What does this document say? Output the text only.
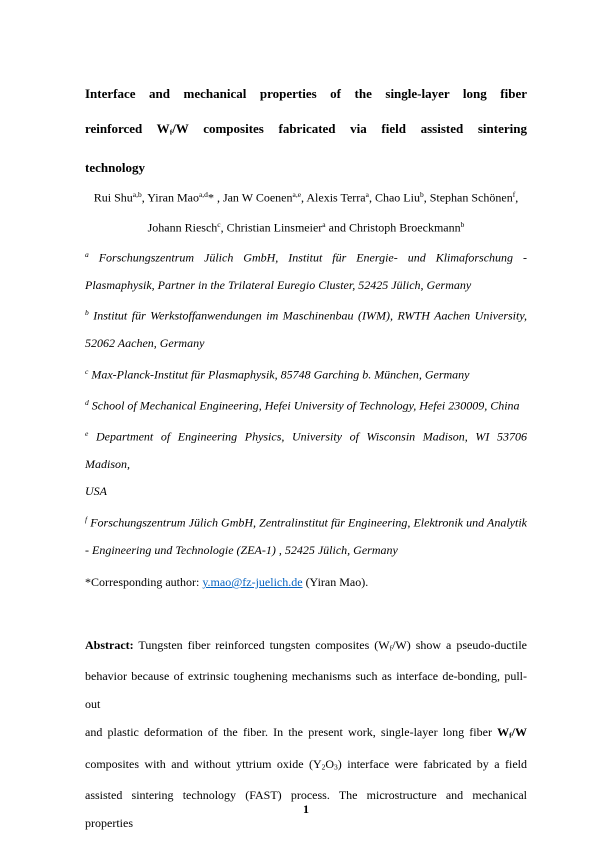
Interface and mechanical properties of the single-layer long fiber
reinforced Wf/W composites fabricated via field assisted sintering
technology
Rui Shu$^{a,b}$, Yiran Mao$^{a,d}$* , Jan W Coenen$^{a,e}$, Alexis Terra$^a$, Chao Liu$^b$, Stephan Schönen$^f$,
Johann Riesch$^c$, Christian Linsmeier$^a$ and Christoph Broeckmann$^b$
$^a$ Forschungszentrum Jülich GmbH, Institut für Energie- und Klimaforschung -
Plasmaphysik, Partner in the Trilateral Euregio Cluster, 52425 Jülich, Germany
$^b$ Institut für Werkstoffanwendungen im Maschinenbau (IWM), RWTH Aachen University,
52062 Aachen, Germany
$^c$ Max-Planck-Institut für Plasmaphysik, 85748 Garching b. München, Germany
$^d$ School of Mechanical Engineering, Hefei University of Technology, Hefei 230009, China
$^e$ Department of Engineering Physics, University of Wisconsin Madison, WI 53706 Madison,
USA
$^f$ Forschungszentrum Jülich GmbH, Zentralinstitut für Engineering, Elektronik und Analytik
- Engineering und Technologie (ZEA-1) , 52425 Jülich, Germany
*Corresponding author: y.mao@fz-juelich.de (Yiran Mao).
Abstract: Tungsten fiber reinforced tungsten composites (Wf/W) show a pseudo-ductile
behavior because of extrinsic toughening mechanisms such as interface de-bonding, pull-out
and plastic deformation of the fiber. In the present work, single-layer long fiber Wf/W
composites with and without yttrium oxide (Y2O3) interface were fabricated by a field
assisted sintering technology (FAST) process. The microstructure and mechanical properties
1
